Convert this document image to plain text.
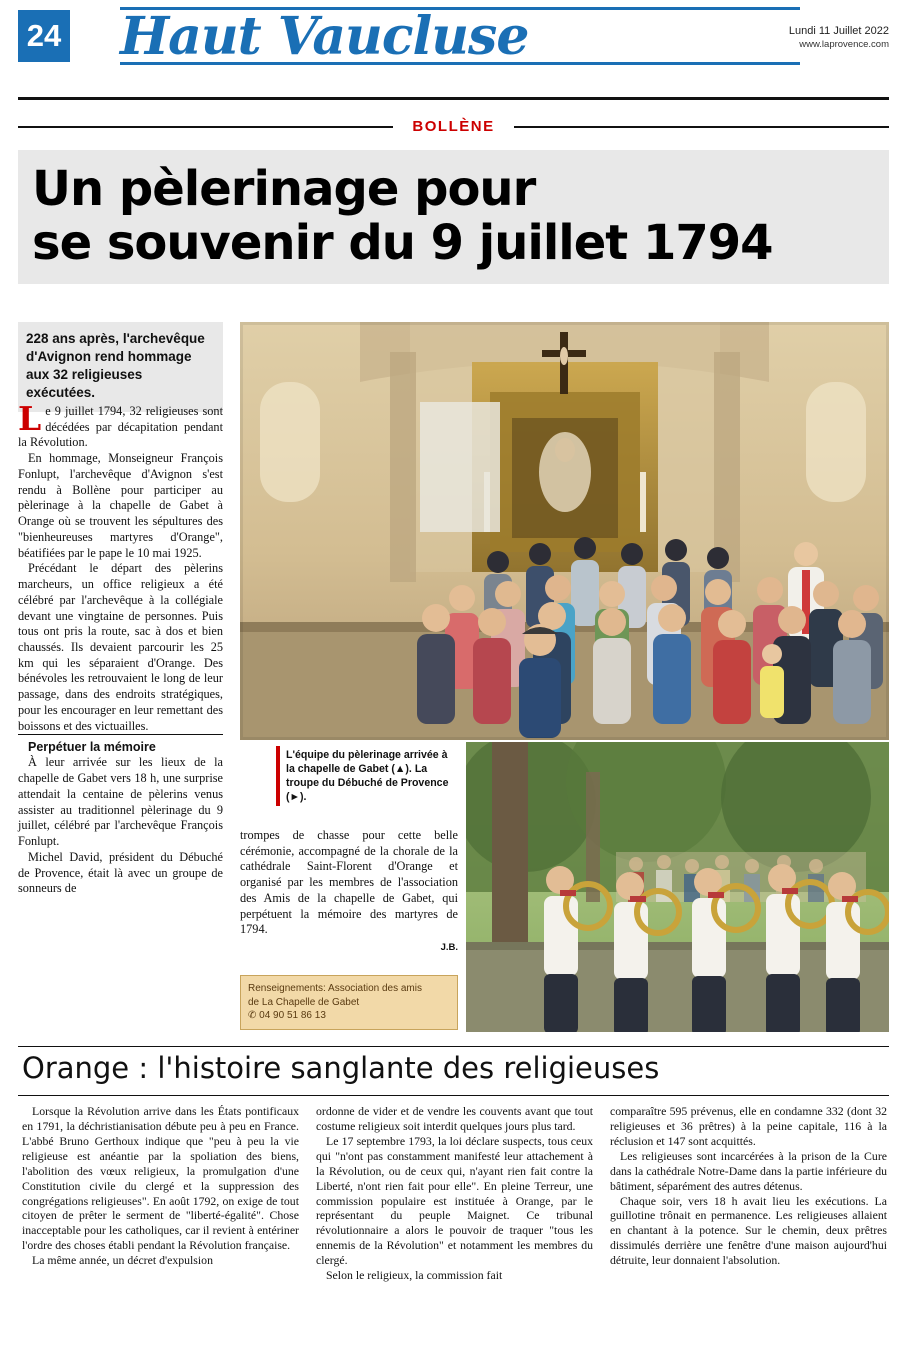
24 Haut Vaucluse	Lundi 11 Juillet 2022
www.laprovence.com
BOLLÈNE
Un pèlerinage pour
se souvenir du 9 juillet 1794
228 ans après, l'archevêque d'Avignon rend hommage aux 32 religieuses exécutées.

Le 9 juillet 1794, 32 religieuses sont décédées par décapitation pendant la Révolution.

En hommage, Monseigneur François Fonlupt, l'archevêque d'Avignon s'est rendu à Bollène pour participer au pèlerinage à la chapelle de Gabet à Orange où se trouvent les sépultures des "bienheureuses martyres d'Orange", béatifiées par le pape le 10 mai 1925.

Précédant le départ des pèlerins marcheurs, un office religieux a été célébré par l'archevêque à la collégiale devant une vingtaine de personnes. Puis tous ont pris la route, sac à dos et bien chaussés. Ils devaient parcourir les 25 km qui les séparaient d'Orange. Des bénévoles les retrouvaient le long de leur passage, dans des endroits stratégiques, pour les encourager en leur remettant des boissons et des victuailles.

Perpétuer la mémoire

À leur arrivée sur les lieux de la chapelle de Gabet vers 18 h, une surprise attendait la centaine de pèlerins venus assister au traditionnel pèlerinage du 9 juillet, célébré par l'archevêque François Fonlupt.

Michel David, président du Débuché de Provence, était là avec un groupe de sonneurs de

L'équipe du pèlerinage arrivée à la chapelle de Gabet (▲). La troupe du Débuché de Provence (►).

trompes de chasse pour cette belle cérémonie, accompagné de la chorale de la cathédrale Saint-Florent d'Orange et organisé par les membres de l'association des Amis de la chapelle de Gabet, qui perpétuent la mémoire des martyres de 1794.

J.B.
Renseignements: Association des amis
de La Chapelle de Gabet
✆ 04 90 51 86 13
Orange : l'histoire sanglante des religieuses

Lorsque la Révolution arrive dans les États pontificaux en 1791, la déchristianisation débute peu à peu en France. L'abbé Bruno Gerthoux indique que "peu à peu la vie religieuse est anéantie par la spoliation des biens, l'abolition des vœux religieux, la promulgation d'une Constitution civile du clergé et la suppression des congrégations religieuses". En août 1792, on exige de tout citoyen de prêter le serment de "liberté-égalité". Chose inacceptable pour les catholiques, car il revient à entériner l'ordre des choses établi pendant la Révolution française.

La même année, un décret d'expulsion

ordonne de vider et de vendre les couvents avant que tout costume religieux soit interdit quelques jours plus tard.

Le 17 septembre 1793, la loi déclare suspects, tous ceux qui "n'ont pas constamment manifesté leur attachement à la Révolution, ou de ceux qui, n'ayant rien fait contre la Liberté, n'ont rien fait pour elle". En pleine Terreur, une commission populaire est instituée à Orange, par le représentant du peuple Maignet. Ce tribunal révolutionnaire a alors le pouvoir de traquer "tous les ennemis de la Révolution" et notamment les membres du clergé.

Selon le religieux, la commission fait

comparaître 595 prévenus, elle en condamne 332 (dont 32 religieuses et 36 prêtres) à la peine capitale, 116 à la réclusion et 147 sont acquittés.

Les religieuses sont incarcérées à la prison de la Cure dans la cathédrale Notre-Dame dans la partie inférieure du bâtiment, séparément des autres détenus.

Chaque soir, vers 18 h avait lieu les exécutions. La guillotine trônait en permanence. Les religieuses allaient en chantant à la potence. Sur le chemin, deux prêtres dissimulés derrière une fenêtre d'une maison aujourd'hui détruite, leur donnaient l'absolution.
